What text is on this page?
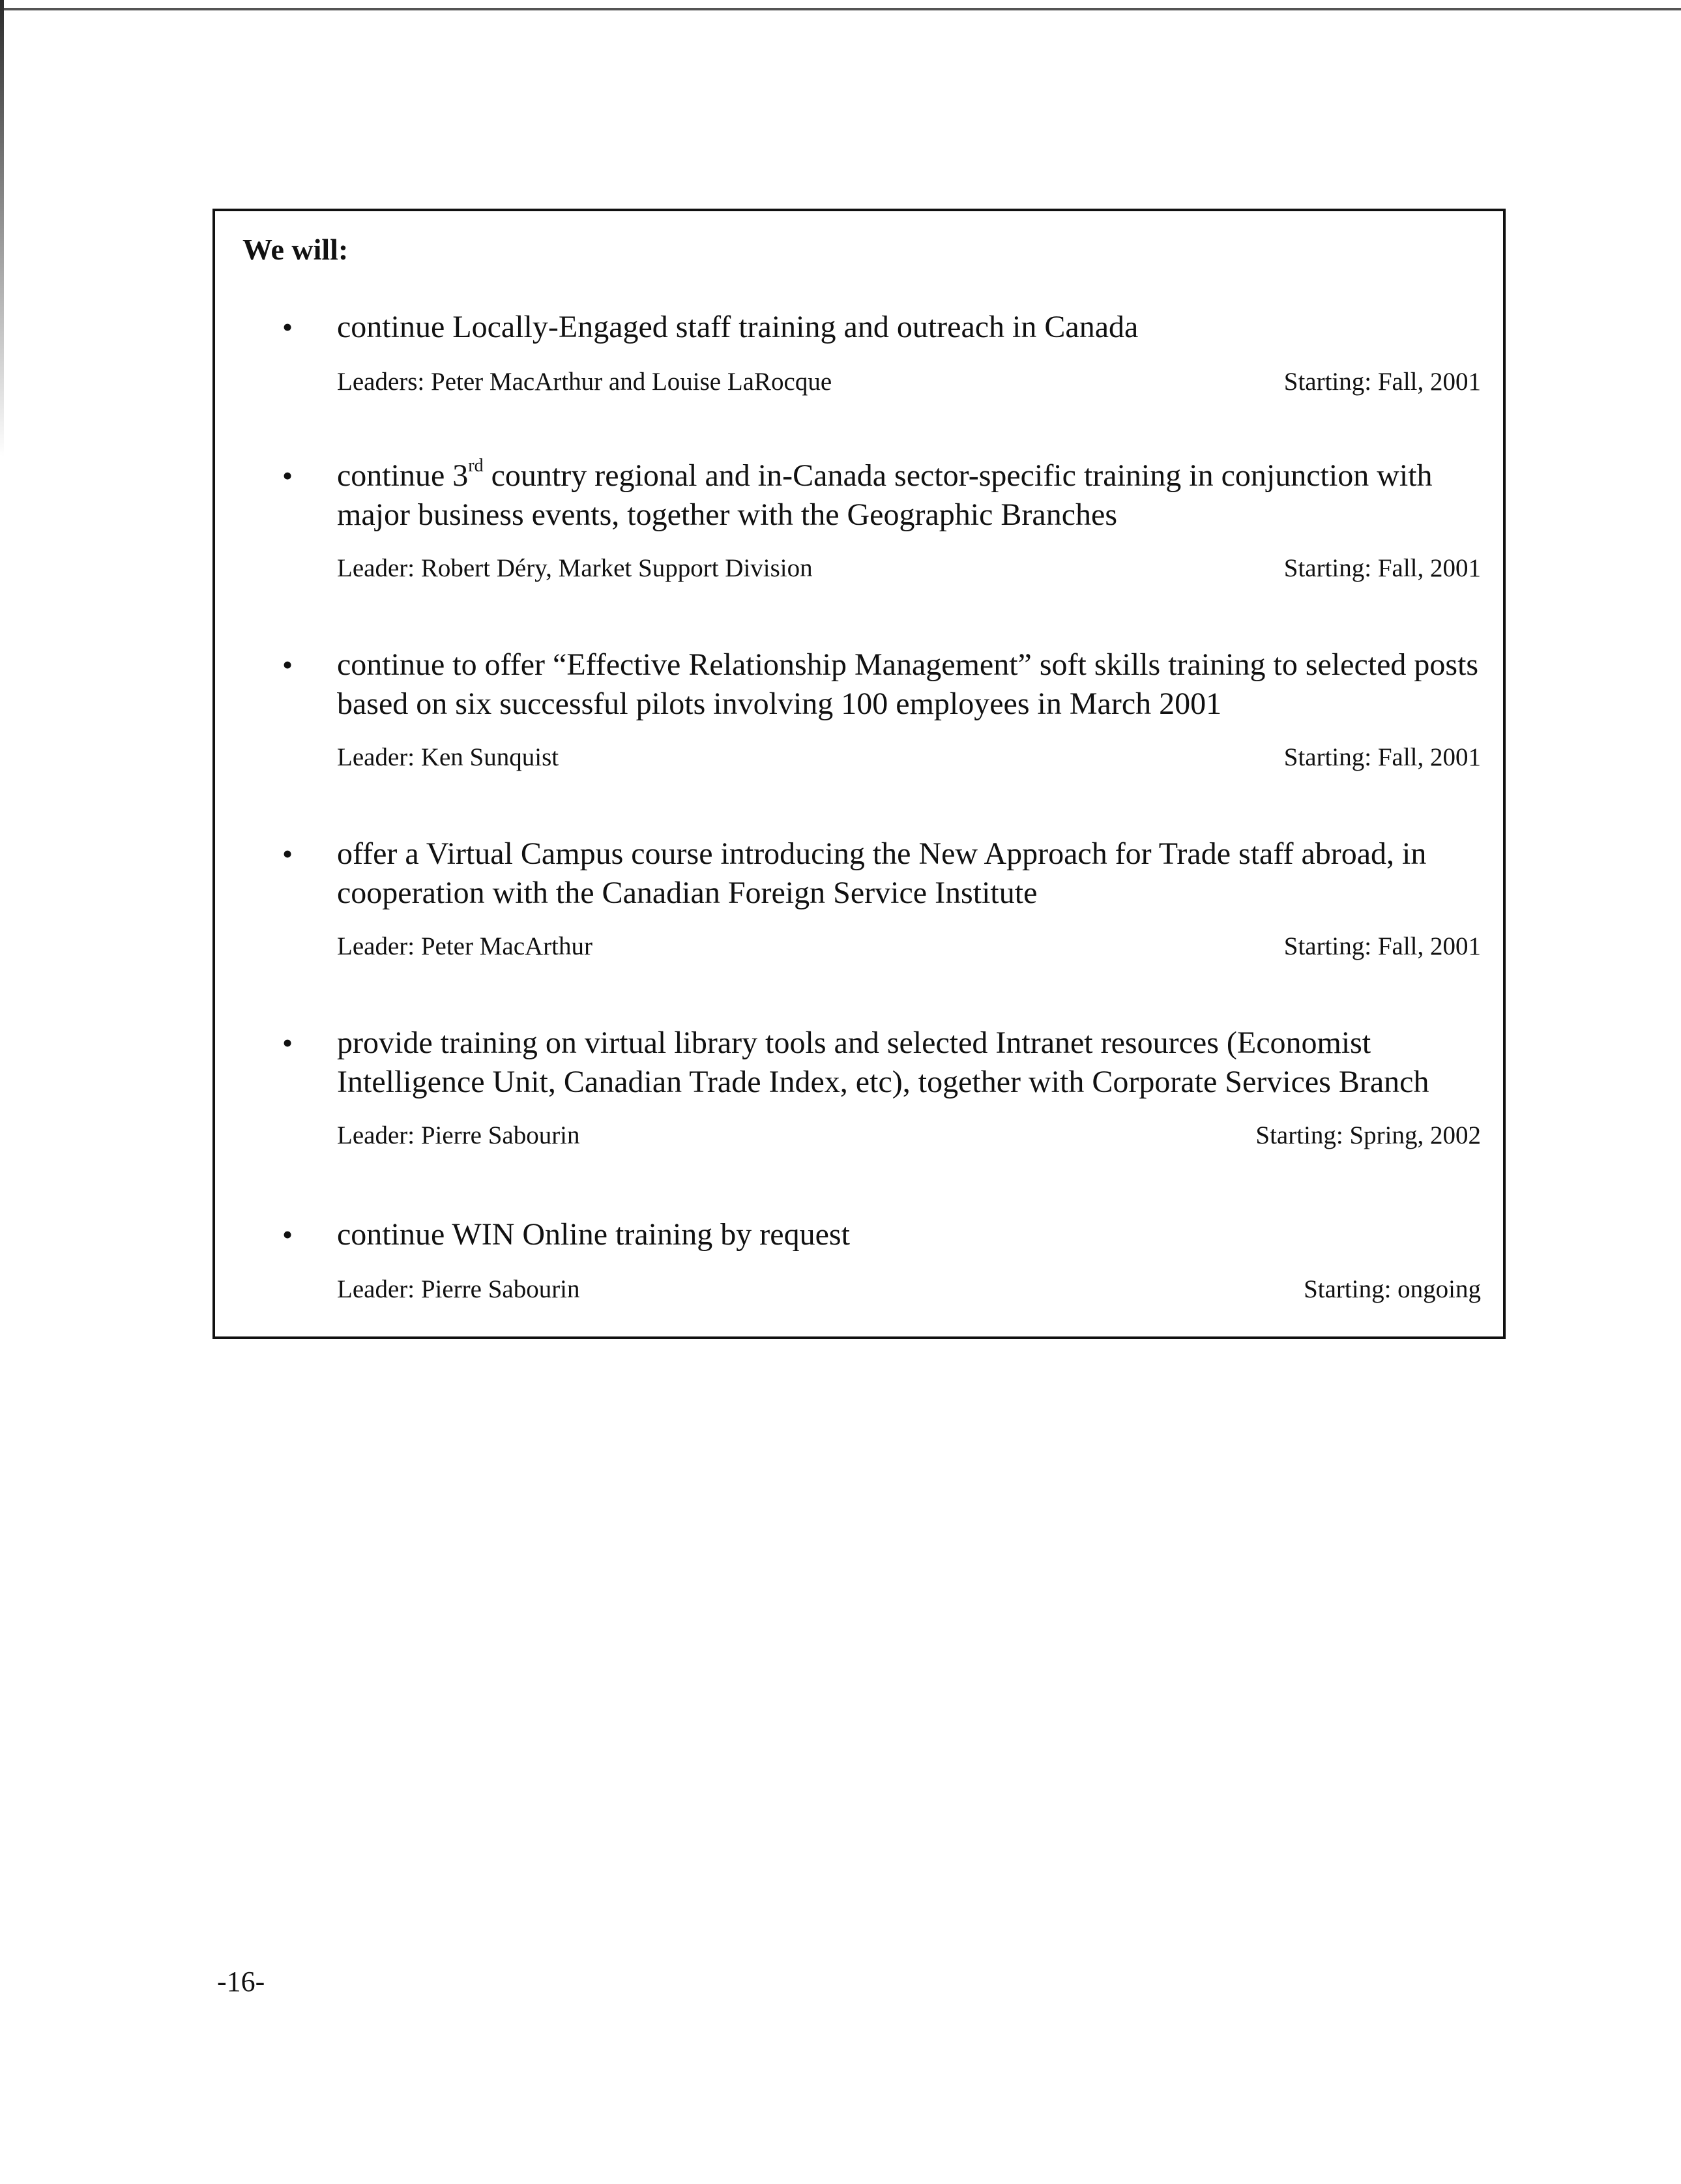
We will:
• continue Locally-Engaged staff training and outreach in Canada
Leaders: Peter MacArthur and Louise LaRocque	Starting: Fall, 2001
• continue 3rd country regional and in-Canada sector-specific training in conjunction with major business events, together with the Geographic Branches
Leader: Robert Déry, Market Support Division	Starting: Fall, 2001
• continue to offer “Effective Relationship Management” soft skills training to selected posts based on six successful pilots involving 100 employees in March 2001
Leader: Ken Sunquist	Starting: Fall, 2001
• offer a Virtual Campus course introducing the New Approach for Trade staff abroad, in cooperation with the Canadian Foreign Service Institute
Leader: Peter MacArthur	Starting: Fall, 2001
• provide training on virtual library tools and selected Intranet resources (Economist Intelligence Unit, Canadian Trade Index, etc), together with Corporate Services Branch
Leader: Pierre Sabourin	Starting: Spring, 2002
• continue WIN Online training by request
Leader: Pierre Sabourin	Starting: ongoing
-16-
